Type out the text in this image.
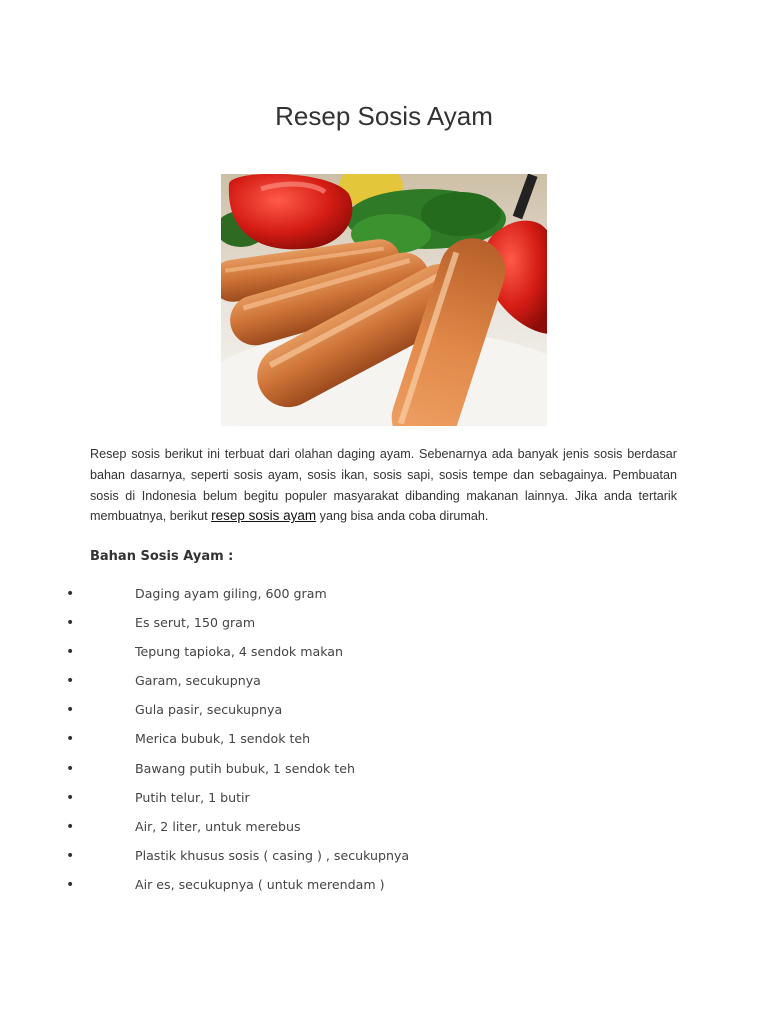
Resep Sosis Ayam

Resep sosis berikut ini terbuat dari olahan daging ayam. Sebenarnya ada banyak jenis sosis berdasar bahan dasarnya, seperti sosis ayam, sosis ikan, sosis sapi, sosis tempe dan sebagainya. Pembuatan sosis di Indonesia belum begitu populer masyarakat dibanding makanan lainnya. Jika anda tertarik membuatnya, berikut resep sosis ayam yang bisa anda coba dirumah.

Bahan Sosis Ayam :
•	Daging ayam giling, 600 gram
•	Es serut, 150 gram
•	Tepung tapioka, 4 sendok makan
•	Garam, secukupnya
•	Gula pasir, secukupnya
•	Merica bubuk, 1 sendok teh
•	Bawang putih bubuk, 1 sendok teh
•	Putih telur, 1 butir
•	Air, 2 liter, untuk merebus
•	Plastik khusus sosis ( casing ) , secukupnya
•	Air es, secukupnya ( untuk merendam )
